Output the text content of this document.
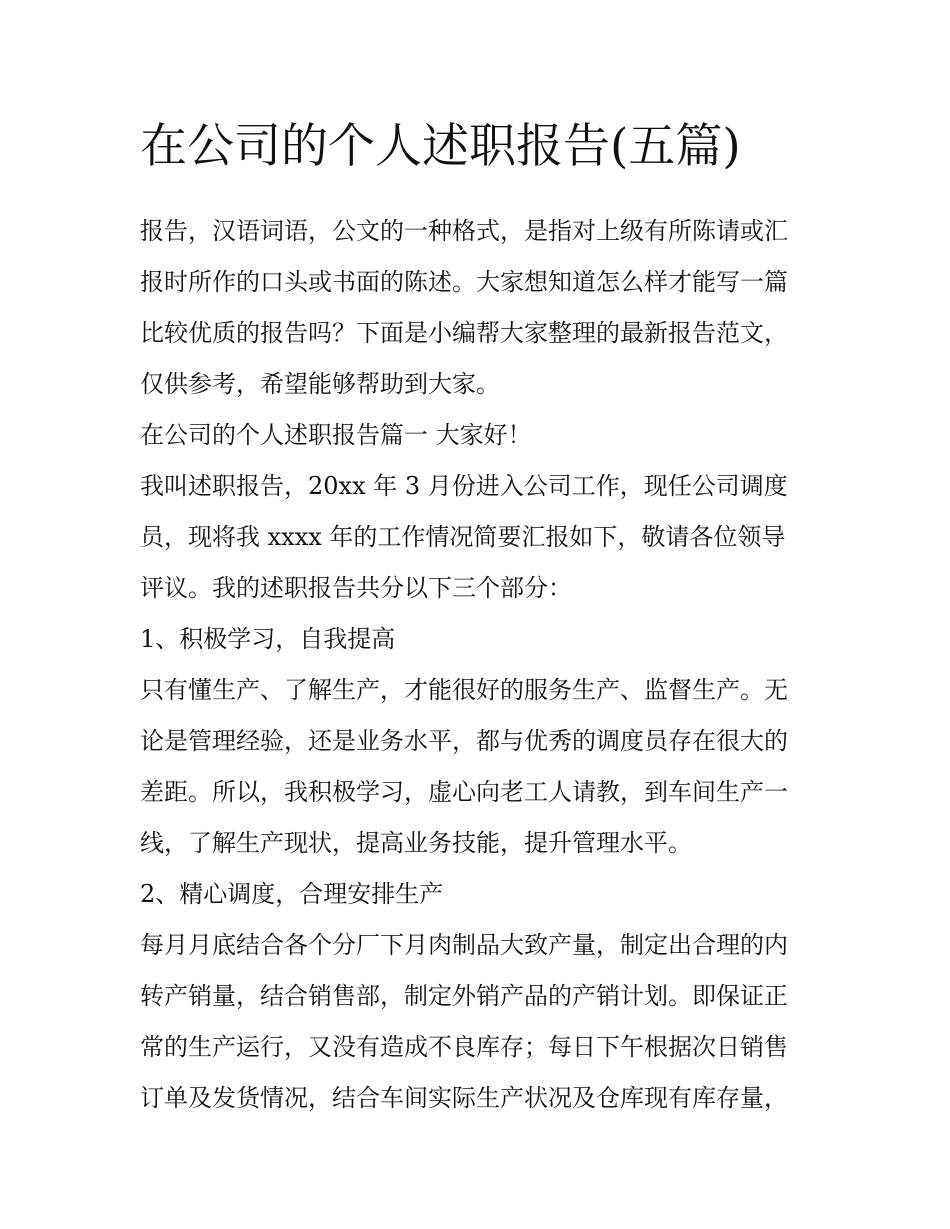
在公司的个人述职报告(五篇)
报告，汉语词语，公文的一种格式，是指对上级有所陈请或汇
报时所作的口头或书面的陈述。大家想知道怎么样才能写一篇
比较优质的报告吗？下面是小编帮大家整理的最新报告范文，
仅供参考，希望能够帮助到大家。
在公司的个人述职报告篇一 大家好！
我叫述职报告，20xx 年 3 月份进入公司工作，现任公司调度
员，现将我 xxxx 年的工作情况简要汇报如下，敬请各位领导
评议。我的述职报告共分以下三个部分：
1、积极学习，自我提高
只有懂生产、了解生产，才能很好的服务生产、监督生产。无
论是管理经验，还是业务水平，都与优秀的调度员存在很大的
差距。所以，我积极学习，虚心向老工人请教，到车间生产一
线，了解生产现状，提高业务技能，提升管理水平。
2、精心调度，合理安排生产
每月月底结合各个分厂下月肉制品大致产量，制定出合理的内
转产销量，结合销售部，制定外销产品的产销计划。即保证正
常的生产运行，又没有造成不良库存；每日下午根据次日销售
订单及发货情况，结合车间实际生产状况及仓库现有库存量，
